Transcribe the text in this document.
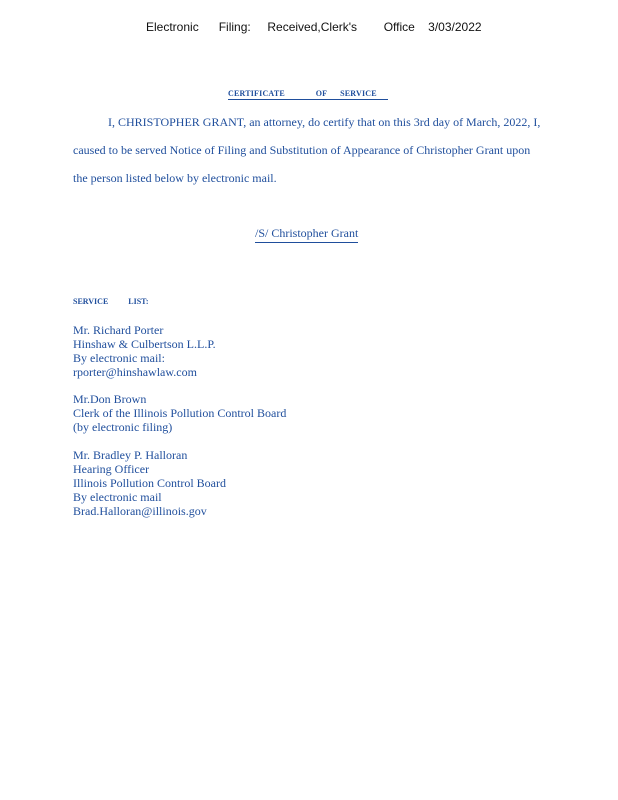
Electronic      Filing:     Received,Clerk's        Office    3/03/2022
CERTIFICATE              OF      SERVICE
I, CHRISTOPHER GRANT, an attorney, do certify that on this 3rd day of March, 2022, I,
caused to be served Notice of Filing and Substitution of Appearance of Christopher Grant upon
the person listed below by electronic mail.
/S/ Christopher Grant
SERVICE          LIST:
Mr. Richard Porter
Hinshaw & Culbertson L.L.P.
By electronic mail:
rporter@hinshawlaw.com
Mr.Don Brown
Clerk of the Illinois Pollution Control Board
(by electronic filing)
Mr. Bradley P. Halloran
Hearing Officer
Illinois Pollution Control Board
By electronic mail
Brad.Halloran@illinois.gov
